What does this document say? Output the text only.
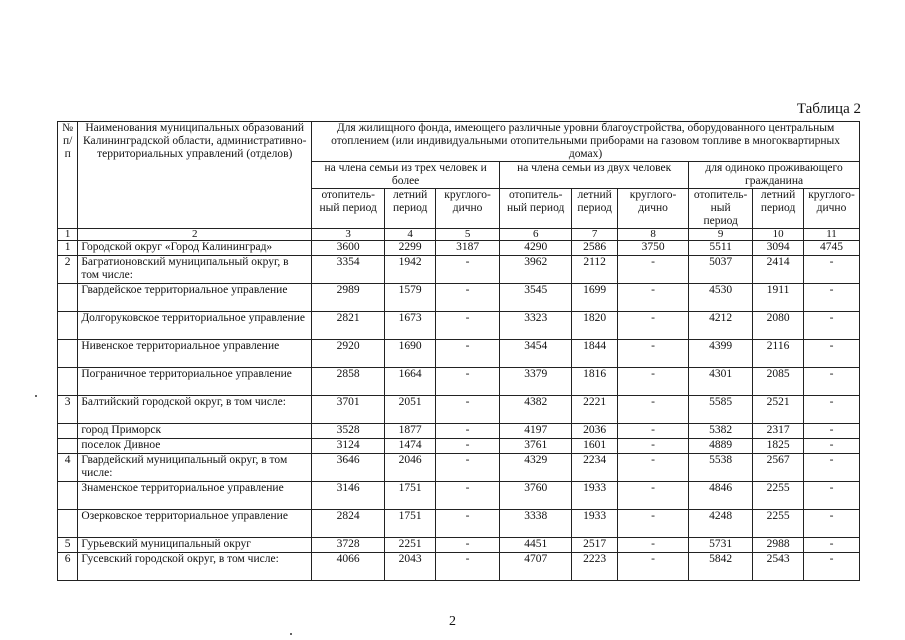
Таблица 2
№ п/п	Наименования муниципальных образований Калининградской области, административно-территориальных управлений (отделов)	Для жилищного фонда, имеющего различные уровни благоустройства, оборудованного центральным отоплением (или индивидуальными отопительными приборами на газовом топливе в многоквартирных домах)								
		на члена семьи из трех человек и более			на члена семьи из двух человек			для одиноко проживающего гражданина		
		отопитель-ный период	летний период	круглого-дично	отопитель-ный период	летний период	круглого-дично	отопитель-ный период	летний период	круглого-дично
1	2	3	4	5	6	7	8	9	10	11
1	Городской округ «Город Калининград»	3600	2299	3187	4290	2586	3750	5511	3094	4745
2	Багратионовский муниципальный округ, в том числе:	3354	1942	-	3962	2112	-	5037	2414	-
	Гвардейское территориальное управление	2989	1579	-	3545	1699	-	4530	1911	-
	Долгоруковское территориальное управление	2821	1673	-	3323	1820	-	4212	2080	-
	Нивенское территориальное управление	2920	1690	-	3454	1844	-	4399	2116	-
	Пограничное территориальное управление	2858	1664	-	3379	1816	-	4301	2085	-
3	Балтийский городской округ, в том числе:	3701	2051	-	4382	2221	-	5585	2521	-
	город Приморск	3528	1877	-	4197	2036	-	5382	2317	-
	поселок Дивное	3124	1474	-	3761	1601	-	4889	1825	-
4	Гвардейский муниципальный округ, в том числе:	3646	2046	-	4329	2234	-	5538	2567	-
	Знаменское территориальное управление	3146	1751	-	3760	1933	-	4846	2255	-
	Озерковское территориальное управление	2824	1751	-	3338	1933	-	4248	2255	-
5	Гурьевский муниципальный округ	3728	2251	-	4451	2517	-	5731	2988	-
6	Гусевский городской округ, в том числе:	4066	2043	-	4707	2223	-	5842	2543	-
2
